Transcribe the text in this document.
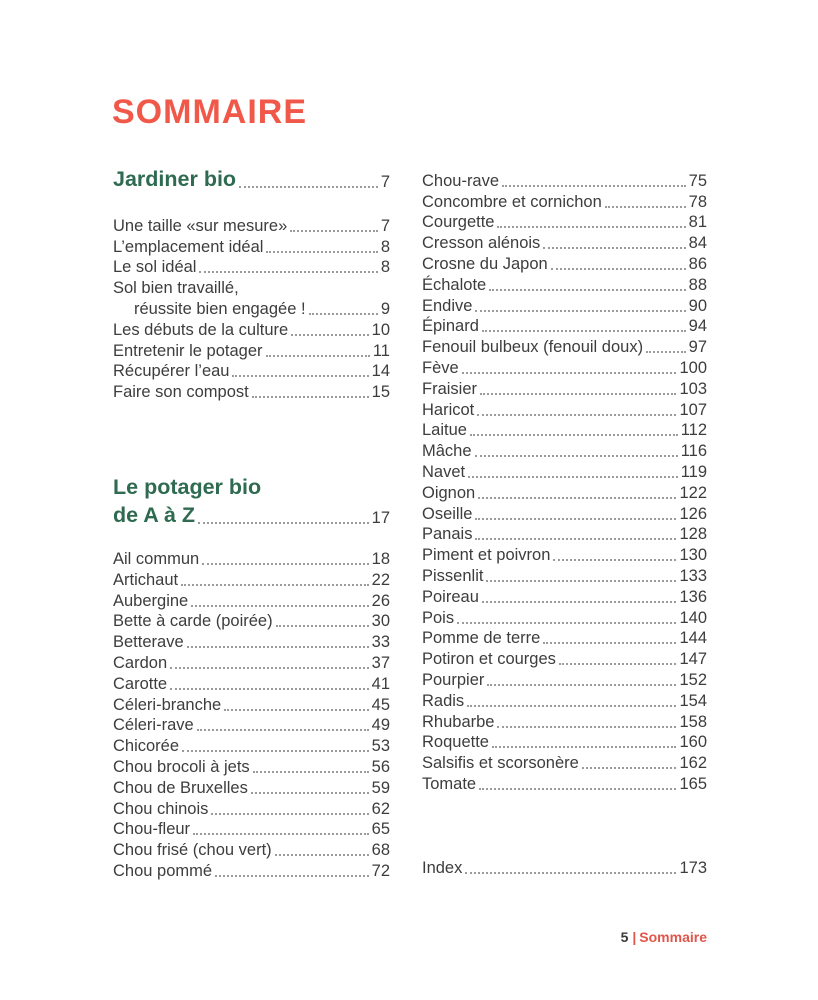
SOMMAIRE
Jardiner bio	7
Une taille «sur mesure»	7
L’emplacement idéal	8
Le sol idéal	8
Sol bien travaillé,
réussite bien engagée !	9
Les débuts de la culture	10
Entretenir le potager	11
Récupérer l’eau	14
Faire son compost	15
Le potager bio
de A à Z	17
Ail commun	18
Artichaut	22
Aubergine	26
Bette à carde (poirée)	30
Betterave	33
Cardon	37
Carotte	41
Céleri-branche	45
Céleri-rave	49
Chicorée	53
Chou brocoli à jets	56
Chou de Bruxelles	59
Chou chinois	62
Chou-fleur	65
Chou frisé (chou vert)	68
Chou pommé	72
Chou-rave	75
Concombre et cornichon	78
Courgette	81
Cresson alénois	84
Crosne du Japon	86
Échalote	88
Endive	90
Épinard	94
Fenouil bulbeux (fenouil doux)	97
Fève	100
Fraisier	103
Haricot	107
Laitue	112
Mâche	116
Navet	119
Oignon	122
Oseille	126
Panais	128
Piment et poivron	130
Pissenlit	133
Poireau	136
Pois	140
Pomme de terre	144
Potiron et courges	147
Pourpier	152
Radis	154
Rhubarbe	158
Roquette	160
Salsifis et scorsonère	162
Tomate	165
Index	173
5 | Sommaire
